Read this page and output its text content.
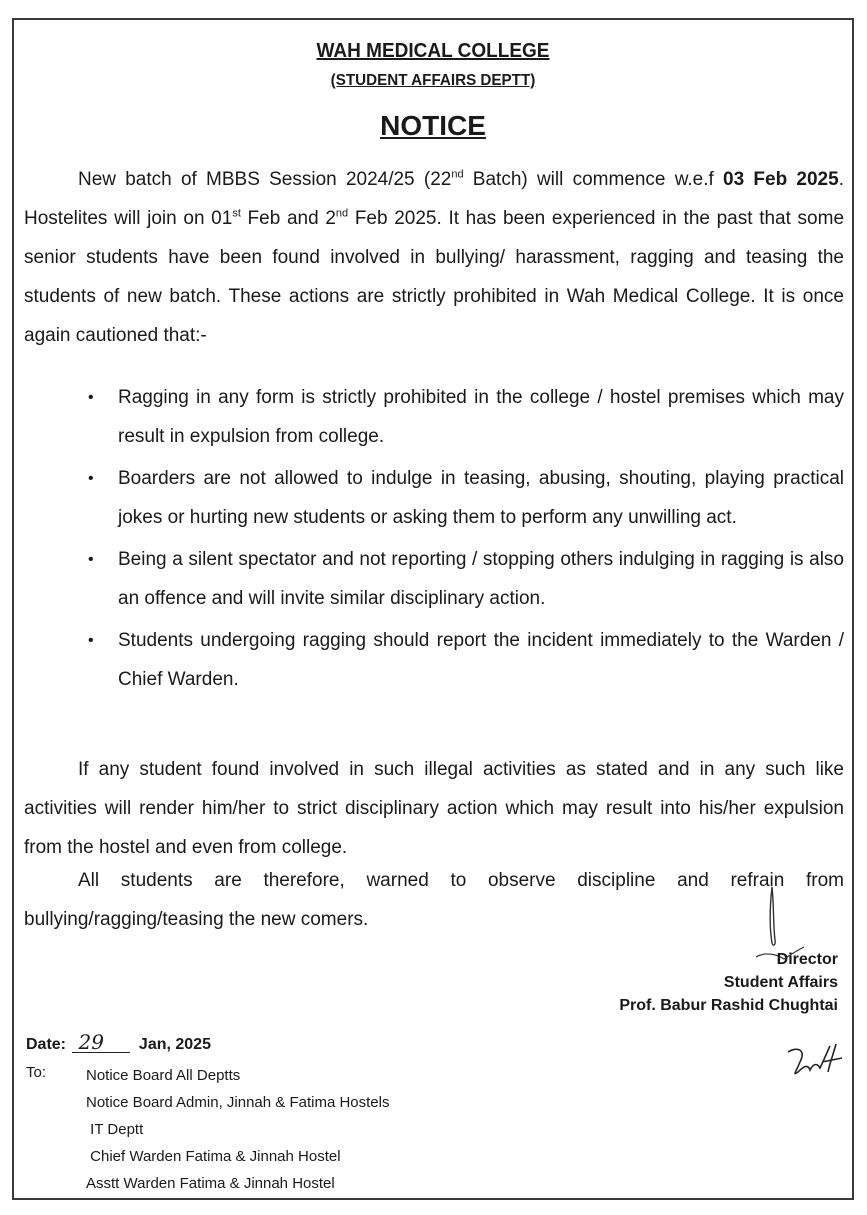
WAH MEDICAL COLLEGE
(STUDENT AFFAIRS DEPTT)
NOTICE

New batch of MBBS Session 2024/25 (22nd Batch) will commence w.e.f 03 Feb 2025. Hostelites will join on 01st Feb and 2nd Feb 2025. It has been experienced in the past that some senior students have been found involved in bullying/ harassment, ragging and teasing the students of new batch. These actions are strictly prohibited in Wah Medical College. It is once again cautioned that:-

• Ragging in any form is strictly prohibited in the college / hostel premises which may result in expulsion from college.
• Boarders are not allowed to indulge in teasing, abusing, shouting, playing practical jokes or hurting new students or asking them to perform any unwilling act.
• Being a silent spectator and not reporting / stopping others indulging in ragging is also an offence and will invite similar disciplinary action.
• Students undergoing ragging should report the incident immediately to the Warden / Chief Warden.

If any student found involved in such illegal activities as stated and in any such like activities will render him/her to strict disciplinary action which may result into his/her expulsion from the hostel and even from college.

All students are therefore, warned to observe discipline and refrain from bullying/ragging/teasing the new comers.

Director
Student Affairs
Prof. Babur Rashid Chughtai
Date: 29 Jan, 2025
To:	Notice Board All Deptts
Notice Board Admin, Jinnah & Fatima Hostels
IT Deptt
Chief Warden Fatima & Jinnah Hostel
Asstt Warden Fatima & Jinnah Hostel
